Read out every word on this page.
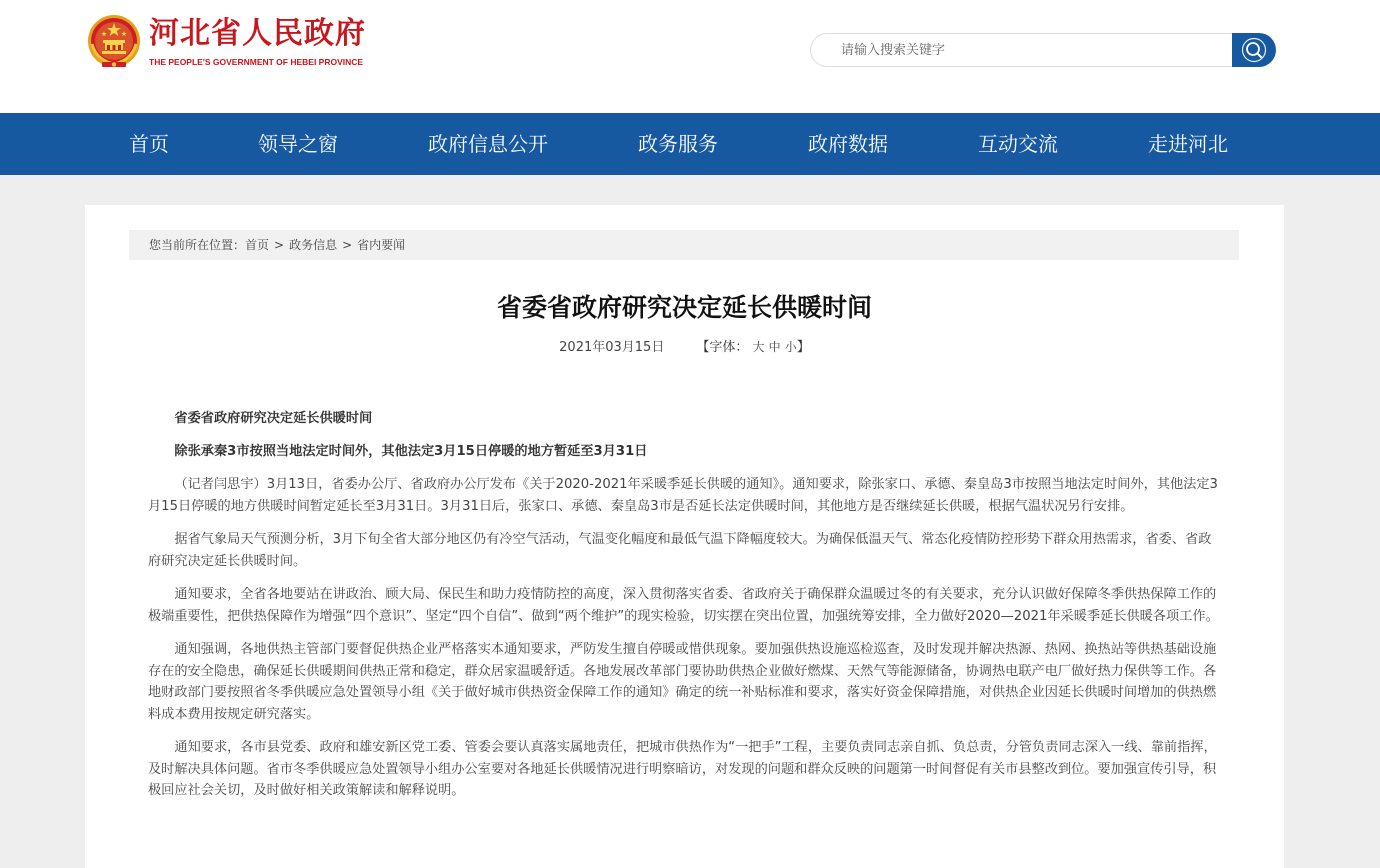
河北省人民政府
THE PEOPLE'S GOVERNMENT OF HEBEI PROVINCE
请输入搜索关键字
首页	领导之窗	政府信息公开	政务服务	政府数据	互动交流	走进河北
您当前所在位置：首页 > 政务信息 > 省内要闻
省委省政府研究决定延长供暖时间
2021年03月15日 【字体： 大 中 小】

省委省政府研究决定延长供暖时间

除张承秦3市按照当地法定时间外，其他法定3月15日停暖的地方暂延至3月31日

（记者闫思宇）3月13日，省委办公厅、省政府办公厅发布《关于2020-2021年采暖季延长供暖的通知》。通知要求，除张家口、承德、秦皇岛3市按照当地法定时间外，其他法定3月15日停暖的地方供暖时间暂定延长至3月31日。3月31日后，张家口、承德、秦皇岛3市是否延长法定供暖时间，其他地方是否继续延长供暖，根据气温状况另行安排。

据省气象局天气预测分析，3月下旬全省大部分地区仍有冷空气活动，气温变化幅度和最低气温下降幅度较大。为确保低温天气、常态化疫情防控形势下群众用热需求，省委、省政府研究决定延长供暖时间。

通知要求，全省各地要站在讲政治、顾大局、保民生和助力疫情防控的高度，深入贯彻落实省委、省政府关于确保群众温暖过冬的有关要求，充分认识做好保障冬季供热保障工作的极端重要性，把供热保障作为增强“四个意识”、坚定“四个自信”、做到“两个维护”的现实检验，切实摆在突出位置，加强统筹安排，全力做好2020—2021年采暖季延长供暖各项工作。

通知强调，各地供热主管部门要督促供热企业严格落实本通知要求，严防发生擅自停暖或惜供现象。要加强供热设施巡检巡查，及时发现并解决热源、热网、换热站等供热基础设施存在的安全隐患，确保延长供暖期间供热正常和稳定，群众居家温暖舒适。各地发展改革部门要协助供热企业做好燃煤、天然气等能源储备，协调热电联产电厂做好热力保供等工作。各地财政部门要按照省冬季供暖应急处置领导小组《关于做好城市供热资金保障工作的通知》确定的统一补贴标准和要求，落实好资金保障措施，对供热企业因延长供暖时间增加的供热燃料成本费用按规定研究落实。

通知要求，各市县党委、政府和雄安新区党工委、管委会要认真落实属地责任，把城市供热作为“一把手”工程，主要负责同志亲自抓、负总责，分管负责同志深入一线、靠前指挥，及时解决具体问题。省市冬季供暖应急处置领导小组办公室要对各地延长供暖情况进行明察暗访，对发现的问题和群众反映的问题第一时间督促有关市县整改到位。要加强宣传引导，积极回应社会关切，及时做好相关政策解读和解释说明。
